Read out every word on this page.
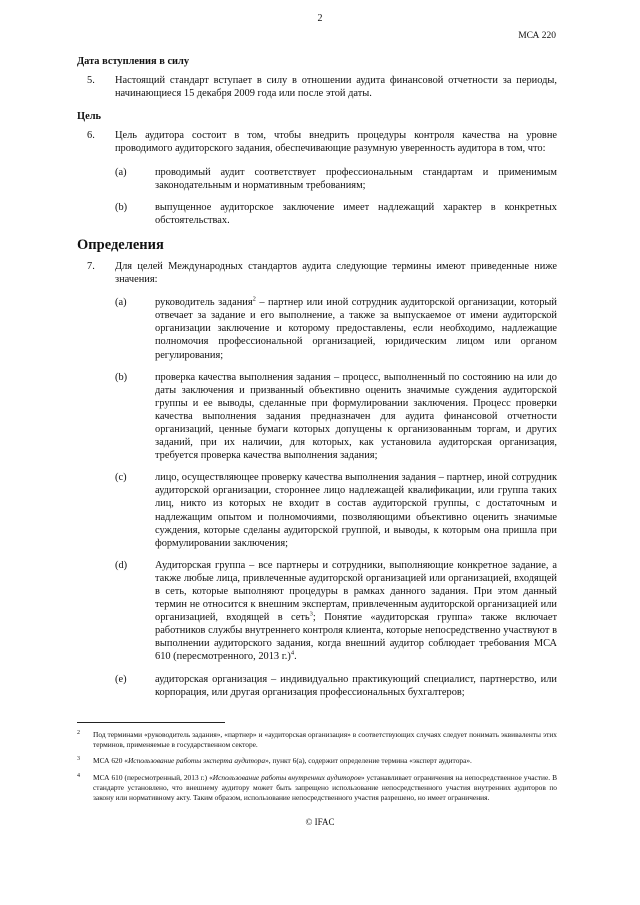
2
МСА 220

Дата вступления в силу

5. Настоящий стандарт вступает в силу в отношении аудита финансовой отчетности за периоды, начинающиеся 15 декабря 2009 года или после этой даты.

Цель

6. Цель аудитора состоит в том, чтобы внедрить процедуры контроля качества на уровне проводимого аудиторского задания, обеспечивающие разумную уверенность аудитора в том, что:

(a)	проводимый аудит соответствует профессиональным стандартам и применимым законодательным и нормативным требованиям;

(b)	выпущенное аудиторское заключение имеет надлежащий характер в конкретных обстоятельствах.

Определения

7. Для целей Международных стандартов аудита следующие термины имеют приведенные ниже значения:

(a)	руководитель задания$^2$ – партнер или иной сотрудник аудиторской организации, который отвечает за задание и его выполнение, а также за выпускаемое от имени аудиторской организации заключение и которому предоставлены, если необходимо, надлежащие полномочия профессиональной организацией, юридическим лицом или органом регулирования;

(b)	проверка качества выполнения задания – процесс, выполненный по состоянию на или до даты заключения и призванный объективно оценить значимые суждения аудиторской группы и ее выводы, сделанные при формулировании заключения. Процесс проверки качества выполнения задания предназначен для аудита финансовой отчетности организаций, ценные бумаги которых допущены к организованным торгам, и других заданий, при их наличии, для которых, как установила аудиторская организация, требуется проверка качества выполнения задания;

(c)	лицо, осуществляющее проверку качества выполнения задания – партнер, иной сотрудник аудиторской организации, стороннее лицо надлежащей квалификации, или группа таких лиц, никто из которых не входит в состав аудиторской группы, с достаточным и надлежащим опытом и полномочиями, позволяющими объективно оценить значимые суждения, которые сделаны аудиторской группой, и выводы, к которым она пришла при формулировании заключения;

(d)	Аудиторская группа – все партнеры и сотрудники, выполняющие конкретное задание, а также любые лица, привлеченные аудиторской организацией или организацией, входящей в сеть, которые выполняют процедуры в рамках данного задания. При этом данный термин не относится к внешним экспертам, привлеченным аудиторской организацией или организацией, входящей в сеть$^3$; Понятие «аудиторская группа» также включает работников службы внутреннего контроля клиента, которые непосредственно участвуют в выполнении аудиторского задания, когда внешний аудитор соблюдает требования МСА 610 (пересмотренного, 2013 г.)$^4$.

(e)	аудиторская организация – индивидуально практикующий специалист, партнерство, или корпорация, или другая организация профессиональных бухгалтеров;

2 Под терминами «руководитель задания», «партнер» и «аудиторская организация» в соответствующих случаях следует понимать эквиваленты этих терминов, применяемые в государственном секторе.

3 МСА 620 «Использование работы эксперта аудитора», пункт 6(а), содержит определение термина «эксперт аудитора».

4 МСА 610 (пересмотренный, 2013 г.) «Использование работы внутренних аудиторов» устанавливает ограничения на непосредственное участие. В стандарте установлено, что внешнему аудитору может быть запрещено использование непосредственного участия внутренних аудиторов по закону или нормативному акту. Таким образом, использование непосредственного участия разрешено, но имеет ограничения.

© IFAC
